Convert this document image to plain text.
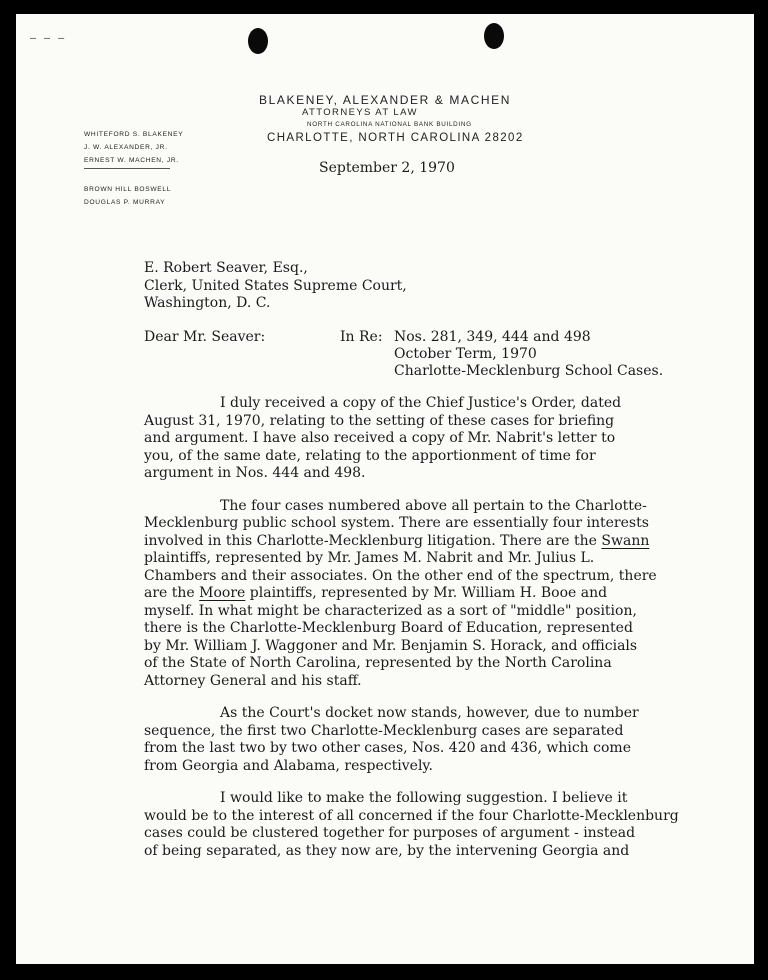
— – —
BLAKENEY, ALEXANDER & MACHEN
ATTORNEYS AT LAW
NORTH CAROLINA NATIONAL BANK BUILDING
CHARLOTTE, NORTH CAROLINA 28202
WHITEFORD S. BLAKENEY
J. W. ALEXANDER, JR.
ERNEST W. MACHEN, JR.
BROWN HILL BOSWELL
DOUGLAS P. MURRAY
September 2, 1970
E. Robert Seaver, Esq.,
Clerk, United States Supreme Court,
Washington, D. C.
Dear Mr. Seaver:	In Re: Nos. 281, 349, 444 and 498
October Term, 1970
Charlotte-Mecklenburg School Cases.
I duly received a copy of the Chief Justice's Order, dated
August 31, 1970, relating to the setting of these cases for briefing
and argument. I have also received a copy of Mr. Nabrit's letter to
you, of the same date, relating to the apportionment of time for
argument in Nos. 444 and 498.
The four cases numbered above all pertain to the Charlotte-
Mecklenburg public school system. There are essentially four interests
involved in this Charlotte-Mecklenburg litigation. There are the Swann
plaintiffs, represented by Mr. James M. Nabrit and Mr. Julius L.
Chambers and their associates. On the other end of the spectrum, there
are the Moore plaintiffs, represented by Mr. William H. Booe and
myself. In what might be characterized as a sort of "middle" position,
there is the Charlotte-Mecklenburg Board of Education, represented
by Mr. William J. Waggoner and Mr. Benjamin S. Horack, and officials
of the State of North Carolina, represented by the North Carolina
Attorney General and his staff.
As the Court's docket now stands, however, due to number
sequence, the first two Charlotte-Mecklenburg cases are separated
from the last two by two other cases, Nos. 420 and 436, which come
from Georgia and Alabama, respectively.
I would like to make the following suggestion. I believe it
would be to the interest of all concerned if the four Charlotte-Mecklenburg
cases could be clustered together for purposes of argument - instead
of being separated, as they now are, by the intervening Georgia and
